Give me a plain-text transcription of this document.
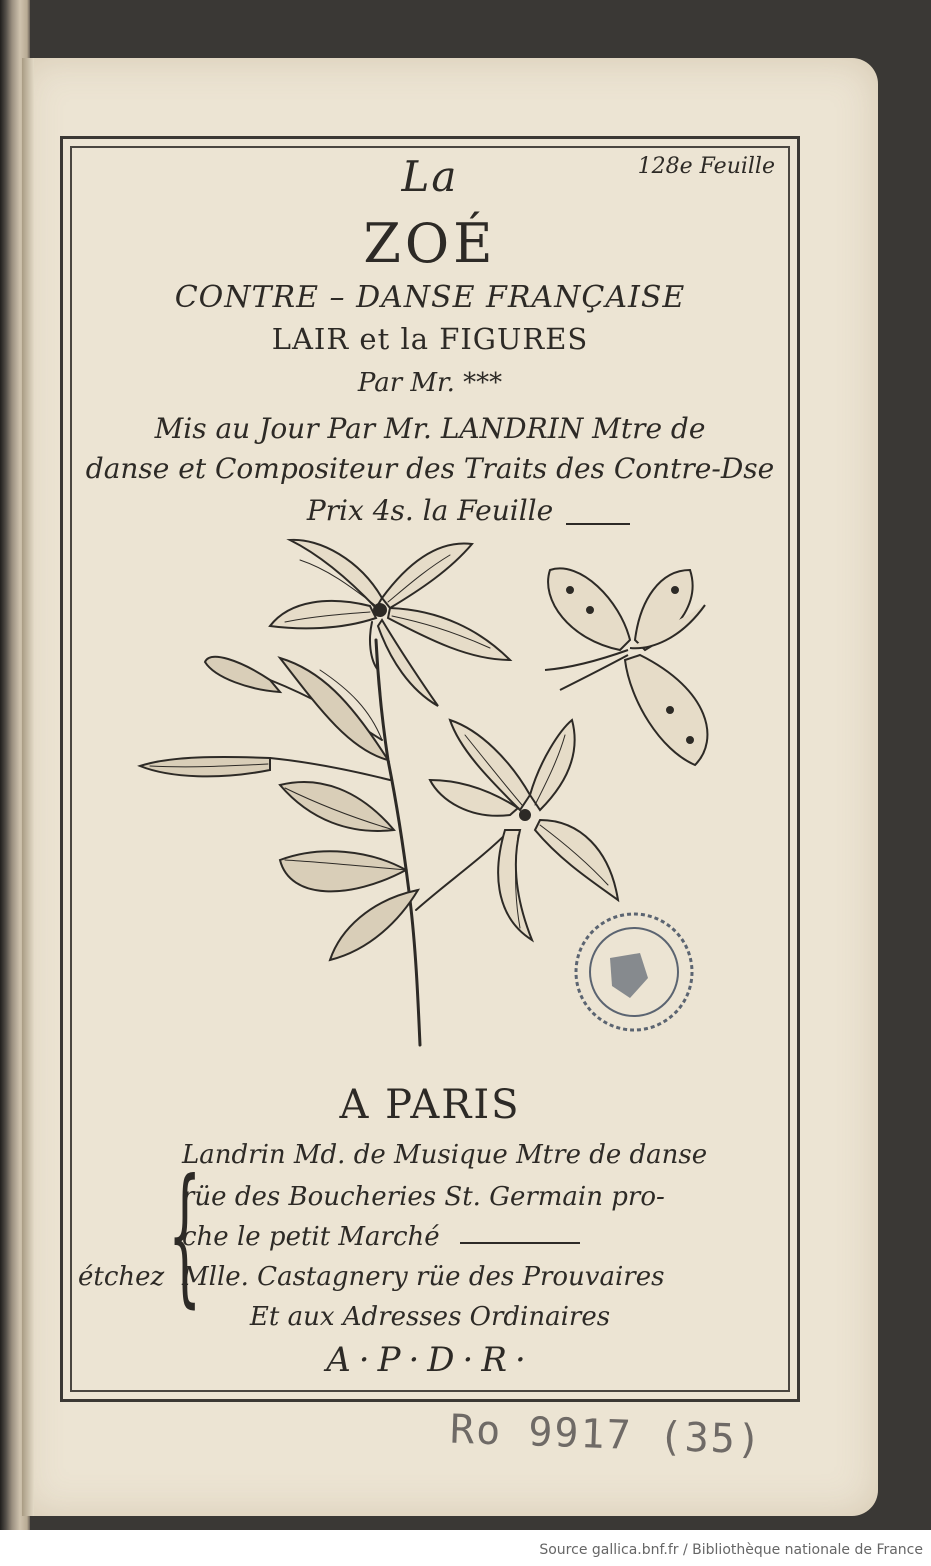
128e Feuille
La
ZOÉ
CONTRE – DANSE FRANÇAISE
LAIR et la FIGURES
Par Mr. ***
Mis au Jour Par Mr. LANDRIN Mtre de
danse et Compositeur des Traits des Contre-Dse
Prix 4s. la Feuille
A PARIS
{
Landrin Md. de Musique Mtre de danse
rüe des Boucheries St. Germain pro-
che le petit Marché
étchez Mlle. Castagnery rüe des Prouvaires
Et aux Adresses Ordinaires
A·P·D·R·
Ro 9917 (35)
Source gallica.bnf.fr / Bibliothèque nationale de France
